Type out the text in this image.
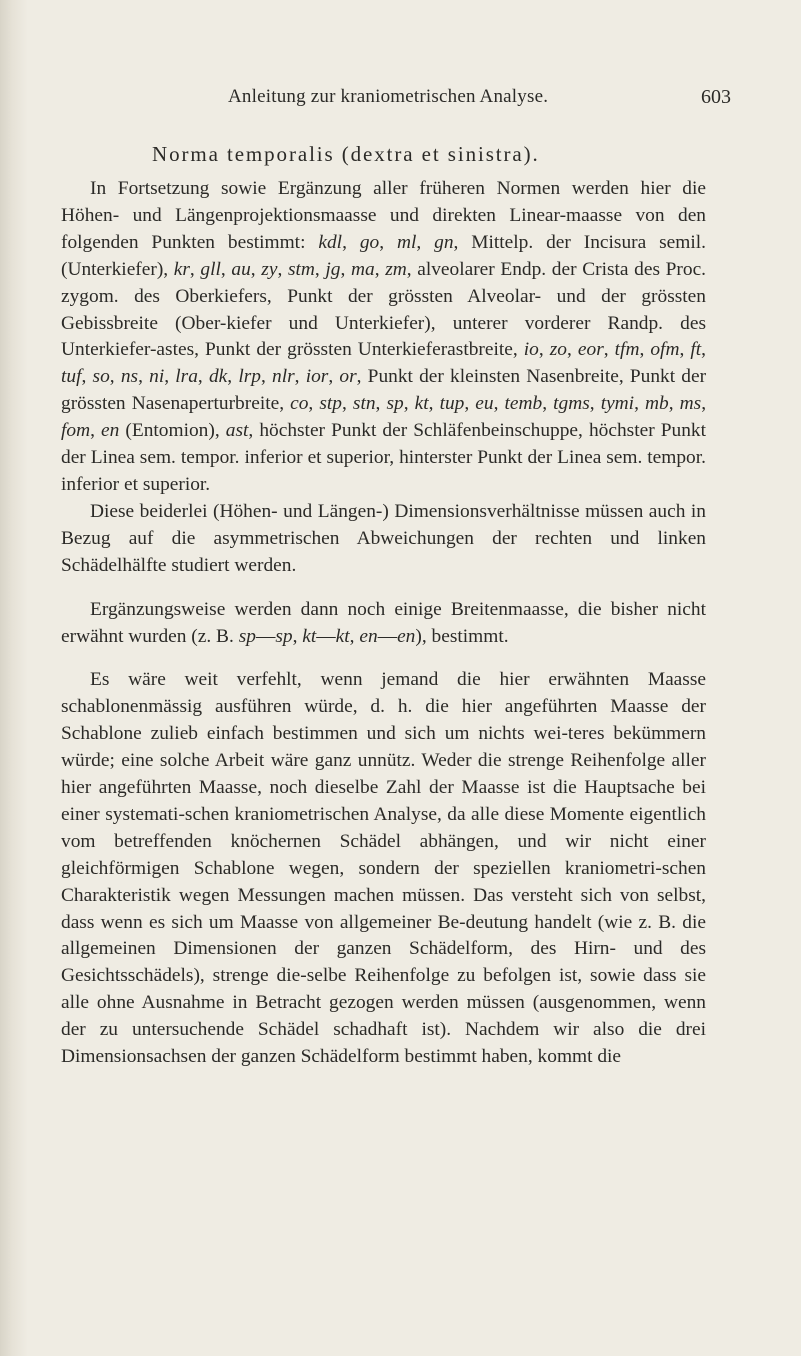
Anleitung zur kraniometrischen Analyse.	603
Norma temporalis (dextra et sinistra).

In Fortsetzung sowie Ergänzung aller früheren Normen werden hier die Höhen- und Längenprojektionsmaasse und direkten Linear-maasse von den folgenden Punkten bestimmt: kdl, go, ml, gn, Mittelp. der Incisura semil. (Unterkiefer), kr, gll, au, zy, stm, jg, ma, zm, alveolarer Endp. der Crista des Proc. zygom. des Oberkiefers, Punkt der grössten Alveolar- und der grössten Gebissbreite (Ober-kiefer und Unterkiefer), unterer vorderer Randp. des Unterkiefer-astes, Punkt der grössten Unterkieferastbreite, io, zo, eor, tfm, ofm, ft, tuf, so, ns, ni, lra, dk, lrp, nlr, ior, or, Punkt der kleinsten Nasenbreite, Punkt der grössten Nasenaperturbreite, co, stp, stn, sp, kt, tup, eu, temb, tgms, tymi, mb, ms, fom, en (Entomion), ast, höchster Punkt der Schläfenbeinschuppe, höchster Punkt der Linea sem. tempor. inferior et superior, hinterster Punkt der Linea sem. tempor. inferior et superior.

Diese beiderlei (Höhen- und Längen-) Dimensionsverhältnisse müssen auch in Bezug auf die asymmetrischen Abweichungen der rechten und linken Schädelhälfte studiert werden.

Ergänzungsweise werden dann noch einige Breitenmaasse, die bisher nicht erwähnt wurden (z. B. sp—sp, kt—kt, en—en), bestimmt.

Es wäre weit verfehlt, wenn jemand die hier erwähnten Maasse schablonenmässig ausführen würde, d. h. die hier angeführten Maasse der Schablone zulieb einfach bestimmen und sich um nichts wei-teres bekümmern würde; eine solche Arbeit wäre ganz unnütz. Weder die strenge Reihenfolge aller hier angeführten Maasse, noch dieselbe Zahl der Maasse ist die Hauptsache bei einer systemati-schen kraniometrischen Analyse, da alle diese Momente eigentlich vom betreffenden knöchernen Schädel abhängen, und wir nicht einer gleichförmigen Schablone wegen, sondern der speziellen kraniometri-schen Charakteristik wegen Messungen machen müssen. Das versteht sich von selbst, dass wenn es sich um Maasse von allgemeiner Be-deutung handelt (wie z. B. die allgemeinen Dimensionen der ganzen Schädelform, des Hirn- und des Gesichtsschädels), strenge die-selbe Reihenfolge zu befolgen ist, sowie dass sie alle ohne Ausnahme in Betracht gezogen werden müssen (ausgenommen, wenn der zu untersuchende Schädel schadhaft ist). Nachdem wir also die drei Dimensionsachsen der ganzen Schädelform bestimmt haben, kommt die
